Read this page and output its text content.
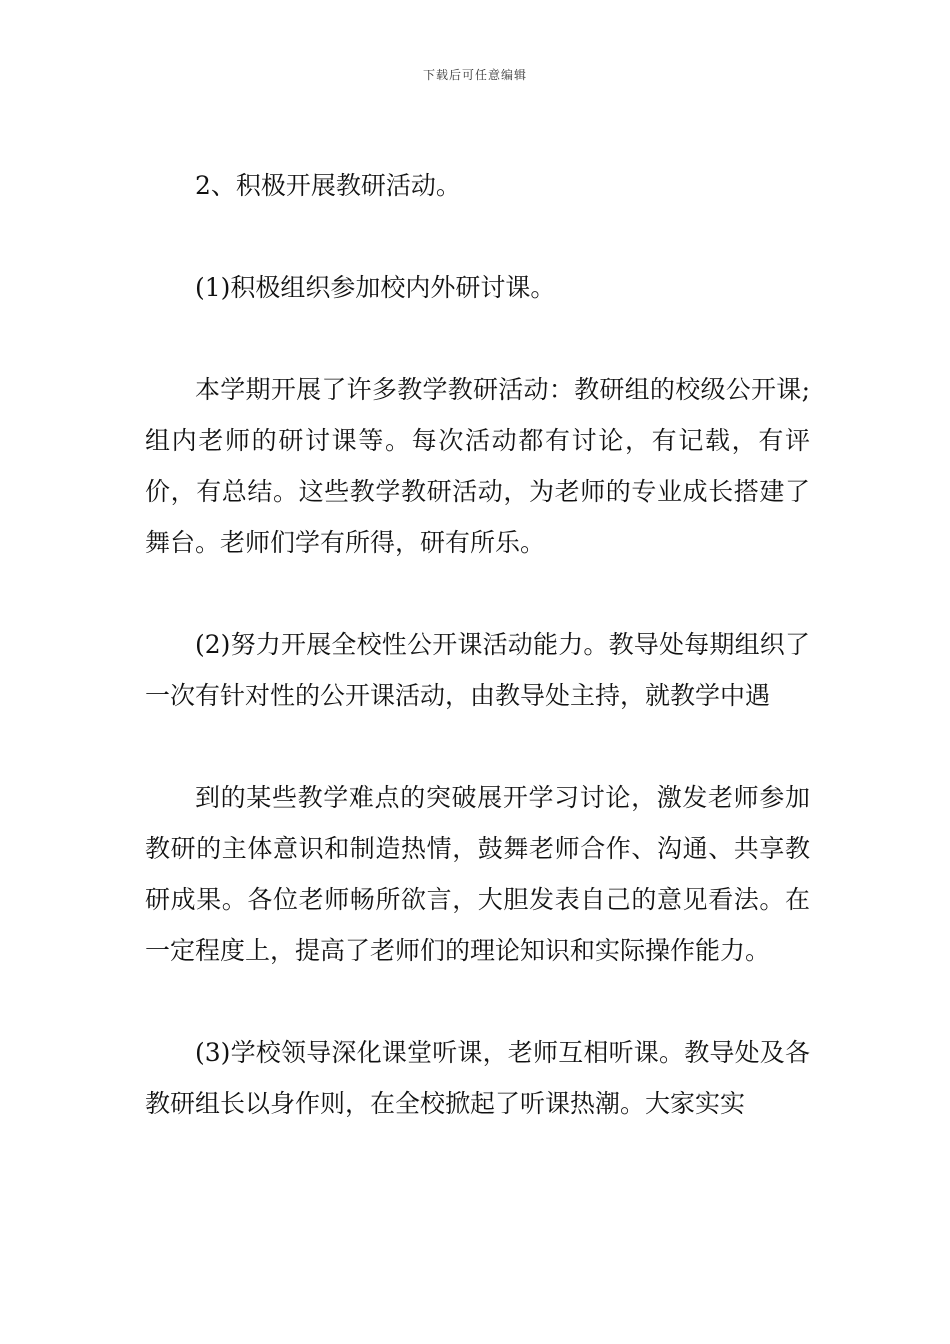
下载后可任意编辑

2、积极开展教研活动。

(1)积极组织参加校内外研讨课。

本学期开展了许多教学教研活动：教研组的校级公开课;组内老师的研讨课等。每次活动都有讨论，有记载，有评价，有总结。这些教学教研活动，为老师的专业成长搭建了舞台。老师们学有所得，研有所乐。

(2)努力开展全校性公开课活动能力。教导处每期组织了一次有针对性的公开课活动，由教导处主持，就教学中遇

到的某些教学难点的突破展开学习讨论，激发老师参加教研的主体意识和制造热情，鼓舞老师合作、沟通、共享教研成果。各位老师畅所欲言，大胆发表自己的意见看法。在一定程度上，提高了老师们的理论知识和实际操作能力。

(3)学校领导深化课堂听课，老师互相听课。教导处及各教研组长以身作则，在全校掀起了听课热潮。大家实实
